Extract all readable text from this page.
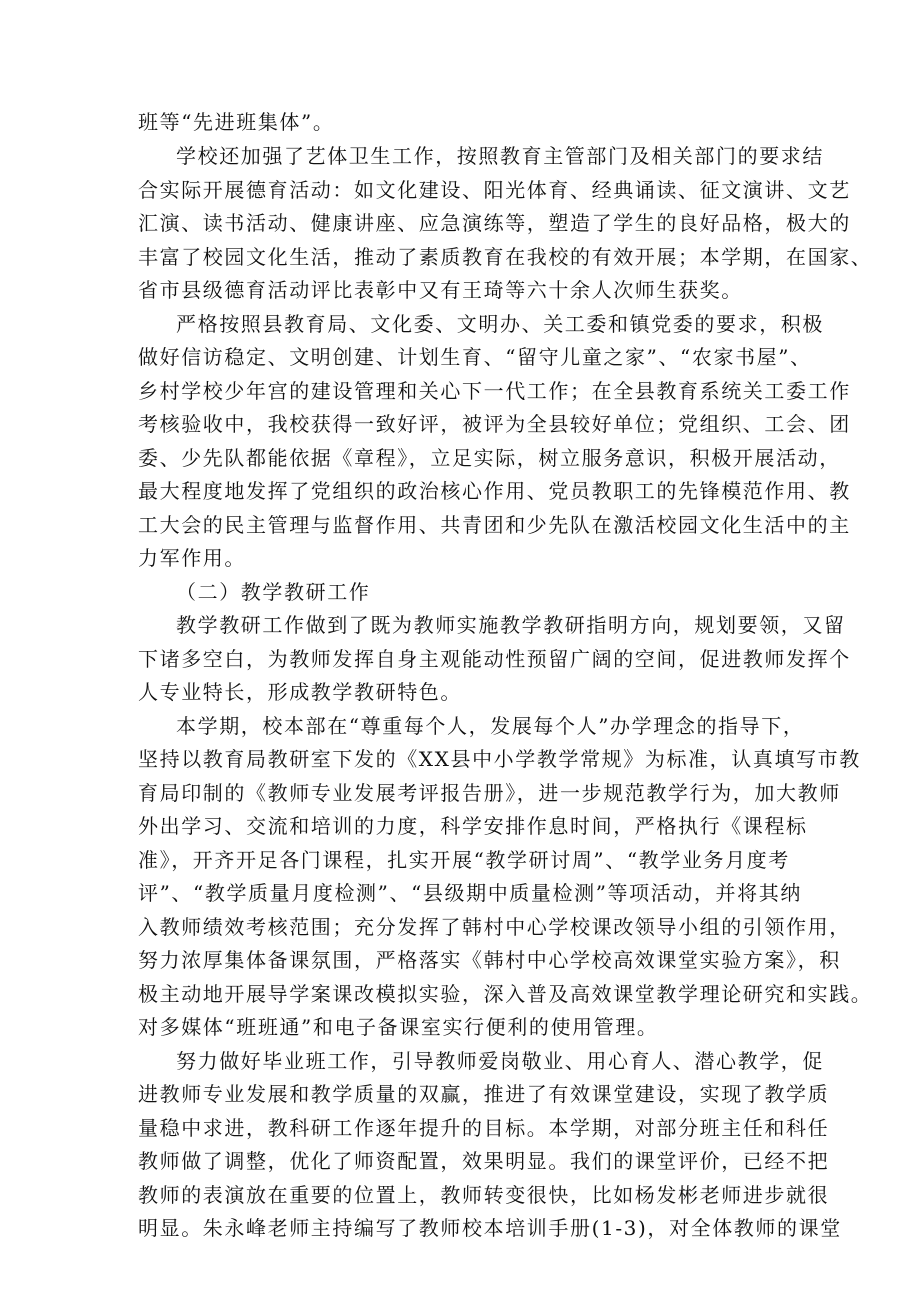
班等“先进班集体”。
学校还加强了艺体卫生工作，按照教育主管部门及相关部门的要求结
合实际开展德育活动：如文化建设、阳光体育、经典诵读、征文演讲、文艺
汇演、读书活动、健康讲座、应急演练等，塑造了学生的良好品格，极大的
丰富了校园文化生活，推动了素质教育在我校的有效开展；本学期，在国家、
省市县级德育活动评比表彰中又有王琦等六十余人次师生获奖。
严格按照县教育局、文化委、文明办、关工委和镇党委的要求，积极
做好信访稳定、文明创建、计划生育、“留守儿童之家”、“农家书屋”、
乡村学校少年宫的建设管理和关心下一代工作；在全县教育系统关工委工作
考核验收中，我校获得一致好评，被评为全县较好单位；党组织、工会、团
委、少先队都能依据《章程》，立足实际，树立服务意识，积极开展活动，
最大程度地发挥了党组织的政治核心作用、党员教职工的先锋模范作用、教
工大会的民主管理与监督作用、共青团和少先队在激活校园文化生活中的主
力军作用。
（二）教学教研工作
教学教研工作做到了既为教师实施教学教研指明方向，规划要领，又留
下诸多空白，为教师发挥自身主观能动性预留广阔的空间，促进教师发挥个
人专业特长，形成教学教研特色。
本学期，校本部在“尊重每个人，发展每个人”办学理念的指导下，
坚持以教育局教研室下发的《XX县中小学教学常规》为标准，认真填写市教
育局印制的《教师专业发展考评报告册》，进一步规范教学行为，加大教师
外出学习、交流和培训的力度，科学安排作息时间，严格执行《课程标
准》，开齐开足各门课程，扎实开展“教学研讨周”、“教学业务月度考
评”、“教学质量月度检测”、“县级期中质量检测”等项活动，并将其纳
入教师绩效考核范围；充分发挥了韩村中心学校课改领导小组的引领作用，
努力浓厚集体备课氛围，严格落实《韩村中心学校高效课堂实验方案》，积
极主动地开展导学案课改模拟实验，深入普及高效课堂教学理论研究和实践。
对多媒体“班班通”和电子备课室实行便利的使用管理。
努力做好毕业班工作，引导教师爱岗敬业、用心育人、潜心教学，促
进教师专业发展和教学质量的双赢，推进了有效课堂建设，实现了教学质
量稳中求进，教科研工作逐年提升的目标。本学期，对部分班主任和科任
教师做了调整，优化了师资配置，效果明显。我们的课堂评价，已经不把
教师的表演放在重要的位置上，教师转变很快，比如杨发彬老师进步就很
明显。朱永峰老师主持编写了教师校本培训手册(1-3)，对全体教师的课堂
